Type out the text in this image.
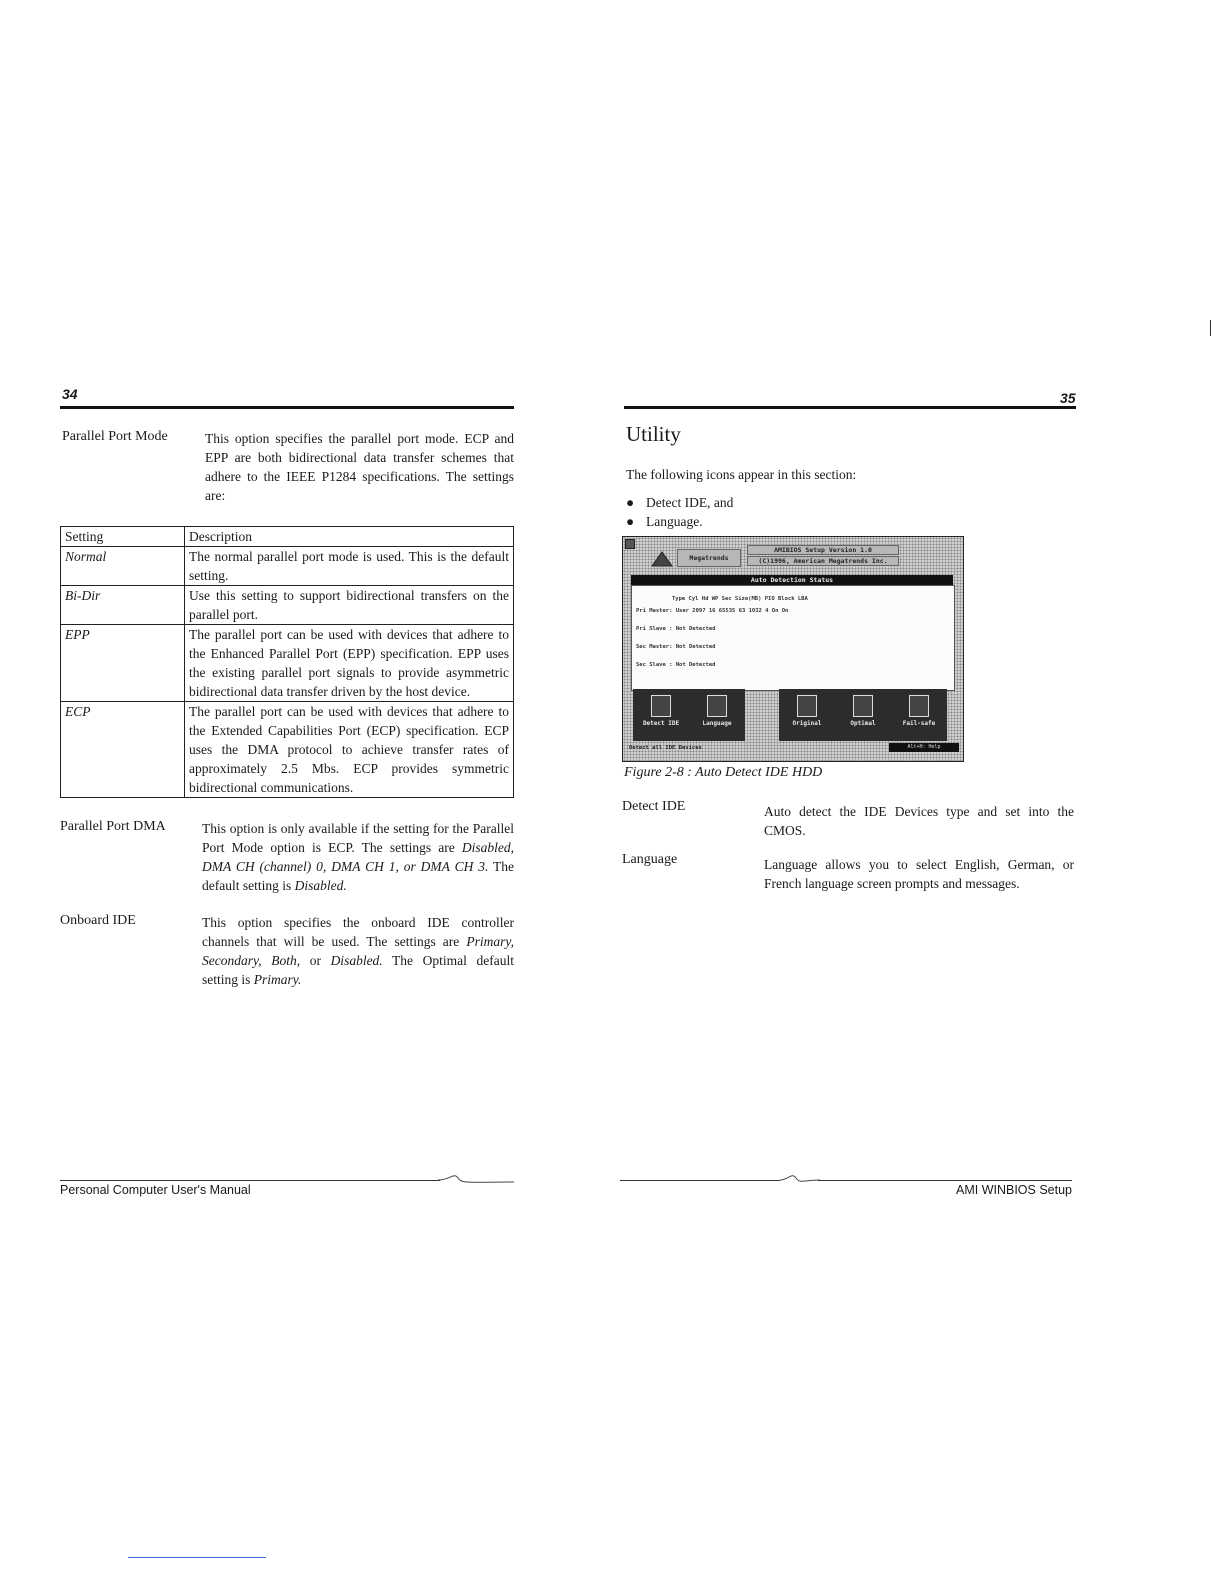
34
Parallel Port Mode	This option specifies the parallel port mode. ECP and EPP are both bidirectional data transfer schemes that adhere to the IEEE P1284 specifications. The settings are:
Setting	Description
Normal	The normal parallel port mode is used. This is the default setting.
Bi-Dir	Use this setting to support bidirectional transfers on the parallel port.
EPP	The parallel port can be used with devices that adhere to the Enhanced Parallel Port (EPP) specification. EPP uses the existing parallel port signals to provide asymmetric bidirectional data transfer driven by the host device.
ECP	The parallel port can be used with devices that adhere to the Extended Capabilities Port (ECP) specification. ECP uses the DMA protocol to achieve transfer rates of approximately 2.5 Mbs. ECP provides symmetric bidirectional communications.
Parallel Port DMA	This option is only available if the setting for the Parallel Port Mode option is ECP. The settings are Disabled, DMA CH (channel) 0, DMA CH 1, or DMA CH 3. The default setting is Disabled.
Onboard IDE	This option specifies the onboard IDE controller channels that will be used. The settings are Primary, Secondary, Both, or Disabled. The Optimal default setting is Primary.
Personal Computer User's Manual
35
Utility
The following icons appear in this section:
● Detect IDE, and
● Language.
Megatrends
AMIBIOS Setup Version 1.0
(C)1996, American Megatrends Inc.
Auto Detection Status
Type Cyl Hd WP Sec Size(MB) PIO Block LBA
Pri Master: User 2097 16 65535 63 1032 4 On On
Pri Slave : Not Detected
Sec Master: Not Detected
Sec Slave : Not Detected
Detect IDE	Language	Original	Optimal	Fail-safe
Detect all IDE Devices	Alt+H: Help
Figure 2-8 : Auto Detect IDE HDD
Detect IDE	Auto detect the IDE Devices type and set into the CMOS.
Language	Language allows you to select English, German, or French language screen prompts and messages.
AMI WINBIOS Setup
